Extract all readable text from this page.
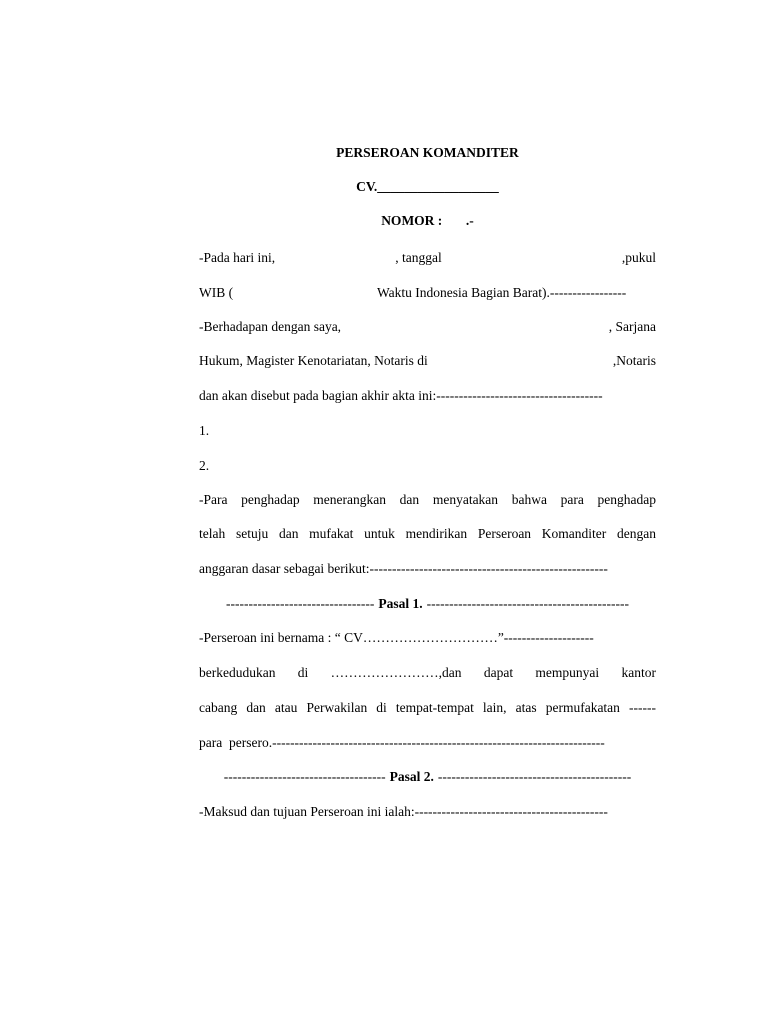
PERSEROAN KOMANDITER
CV.__________________
NOMOR :       .-
-Pada hari ini,	, tanggal	,pukul
WIB (	Waktu Indonesia Bagian Barat).-----------------
-Berhadapan dengan saya,	, Sarjana
Hukum, Magister Kenotariatan, Notaris di	,Notaris
dan akan disebut pada bagian akhir akta ini:-------------------------------------
1.
2.
-Para penghadap menerangkan dan menyatakan bahwa para penghadap
telah setuju dan mufakat untuk mendirikan Perseroan Komanditer dengan
anggaran dasar sebagai berikut:-----------------------------------------------------
--------------------------------- Pasal 1. ---------------------------------------------
-Perseroan ini bernama : “ CV…………………………”--------------------
berkedudukan di ……………………,dan dapat mempunyai kantor
cabang dan atau Perwakilan di tempat-tempat lain, atas permufakatan ------
para  persero.--------------------------------------------------------------------------
------------------------------------ Pasal 2. -------------------------------------------
-Maksud dan tujuan Perseroan ini ialah:-------------------------------------------
